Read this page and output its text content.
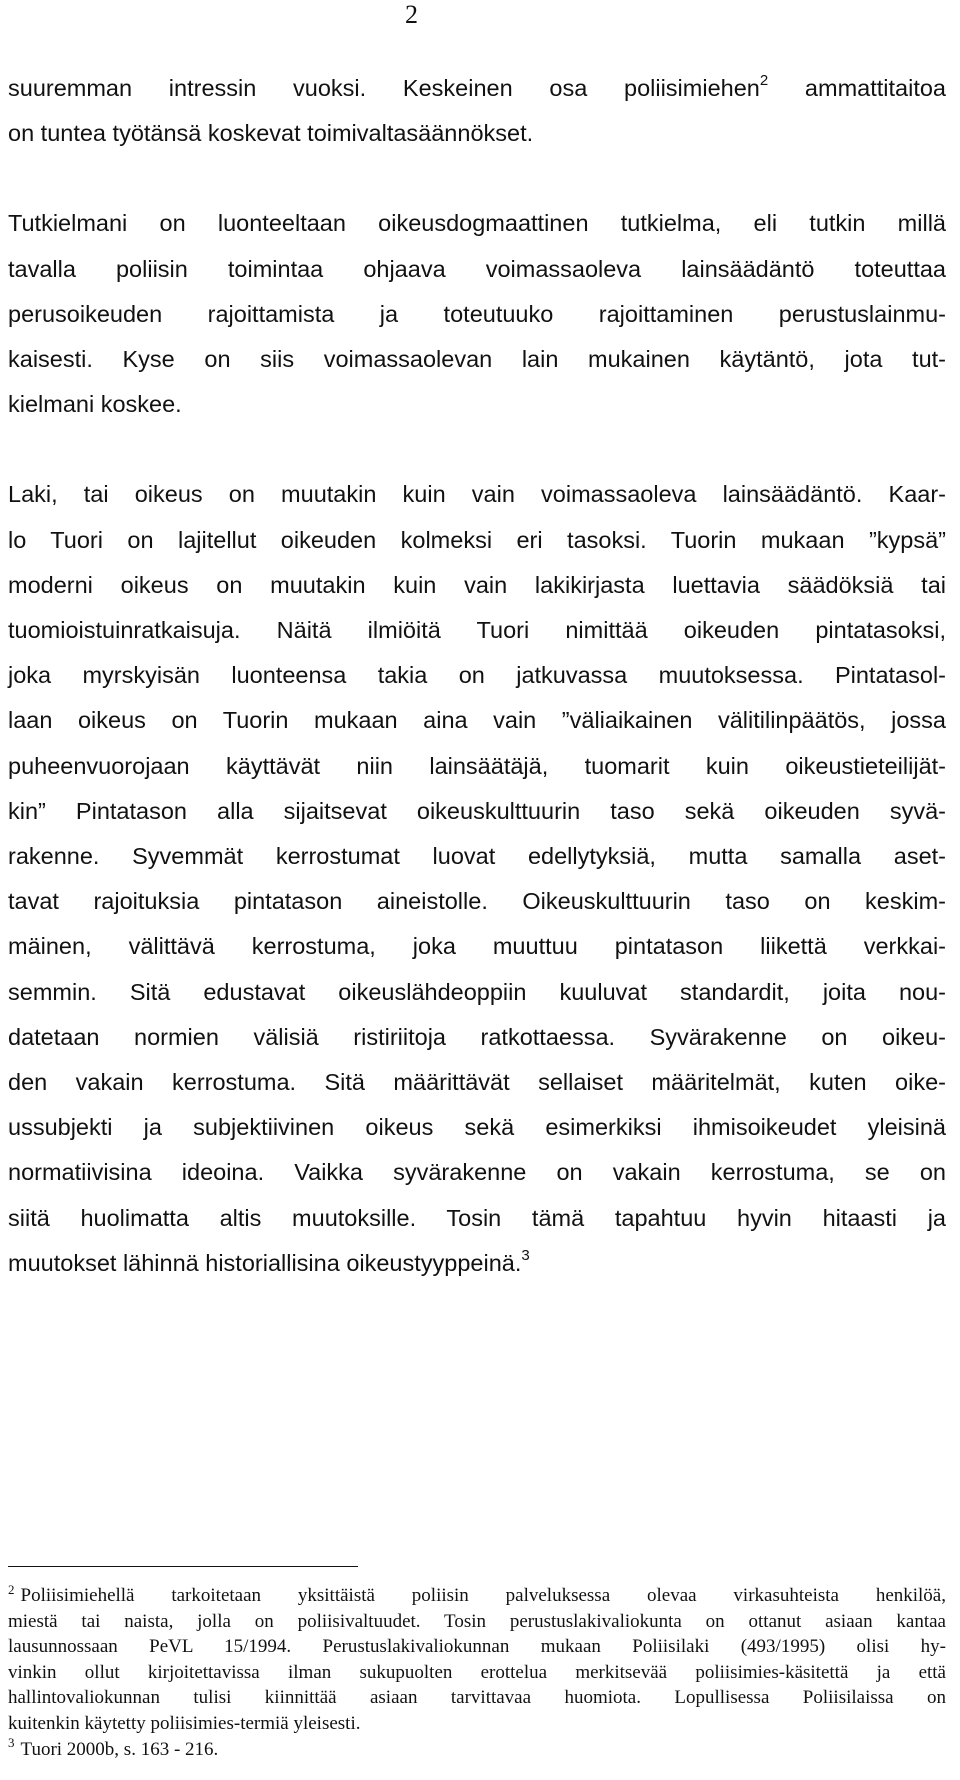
2
suuremman intressin vuoksi. Keskeinen osa poliisimiehen$^2$ ammattitaitoa
on tuntea työtänsä koskevat toimivaltasäännökset.
Tutkielmani on luonteeltaan oikeusdogmaattinen tutkielma, eli tutkin millä
tavalla poliisin toimintaa ohjaava voimassaoleva lainsäädäntö toteuttaa
perusoikeuden rajoittamista ja toteutuuko rajoittaminen perustuslainmu-
kaisesti. Kyse on siis voimassaolevan lain mukainen käytäntö, jota tut-
kielmani koskee.
Laki, tai oikeus on muutakin kuin vain voimassaoleva lainsäädäntö. Kaar-
lo Tuori on lajitellut oikeuden kolmeksi eri tasoksi. Tuorin mukaan ”kypsä”
moderni oikeus on muutakin kuin vain lakikirjasta luettavia säädöksiä tai
tuomioistuinratkaisuja. Näitä ilmiöitä Tuori nimittää oikeuden pintatasoksi,
joka myrskyisän luonteensa takia on jatkuvassa muutoksessa. Pintatasol-
laan oikeus on Tuorin mukaan aina vain ”väliaikainen välitilinpäätös, jossa
puheenvuorojaan käyttävät niin lainsäätäjä, tuomarit kuin oikeustieteilijät-
kin” Pintatason alla sijaitsevat oikeuskulttuurin taso sekä oikeuden syvä-
rakenne. Syvemmät kerrostumat luovat edellytyksiä, mutta samalla aset-
tavat rajoituksia pintatason aineistolle. Oikeuskulttuurin taso on keskim-
mäinen, välittävä kerrostuma, joka muuttuu pintatason liikettä verkkai-
semmin. Sitä edustavat oikeuslähdeoppiin kuuluvat standardit, joita nou-
datetaan normien välisiä ristiriitoja ratkottaessa. Syvärakenne on oikeu-
den vakain kerrostuma. Sitä määrittävät sellaiset määritelmät, kuten oike-
ussubjekti ja subjektiivinen oikeus sekä esimerkiksi ihmisoikeudet yleisinä
normatiivisina ideoina. Vaikka syvärakenne on vakain kerrostuma, se on
siitä huolimatta altis muutoksille. Tosin tämä tapahtuu hyvin hitaasti ja
muutokset lähinnä historiallisina oikeustyyppeinä.$^3$
$^2$ Poliisimiehellä tarkoitetaan yksittäistä poliisin palveluksessa olevaa virkasuhteista henkilöä,
miestä tai naista, jolla on poliisivaltuudet. Tosin perustuslakivaliokunta on ottanut asiaan kantaa
lausunnossaan PeVL 15/1994. Perustuslakivaliokunnan mukaan Poliisilaki (493/1995) olisi hy-
vinkin ollut kirjoitettavissa ilman sukupuolten erottelua merkitsevää poliisimies-käsitettä ja että
hallintovaliokunnan tulisi kiinnittää asiaan tarvittavaa huomiota. Lopullisessa Poliisilaissa on
kuitenkin käytetty poliisimies-termiä yleisesti.
$^3$ Tuori 2000b, s. 163 - 216.
